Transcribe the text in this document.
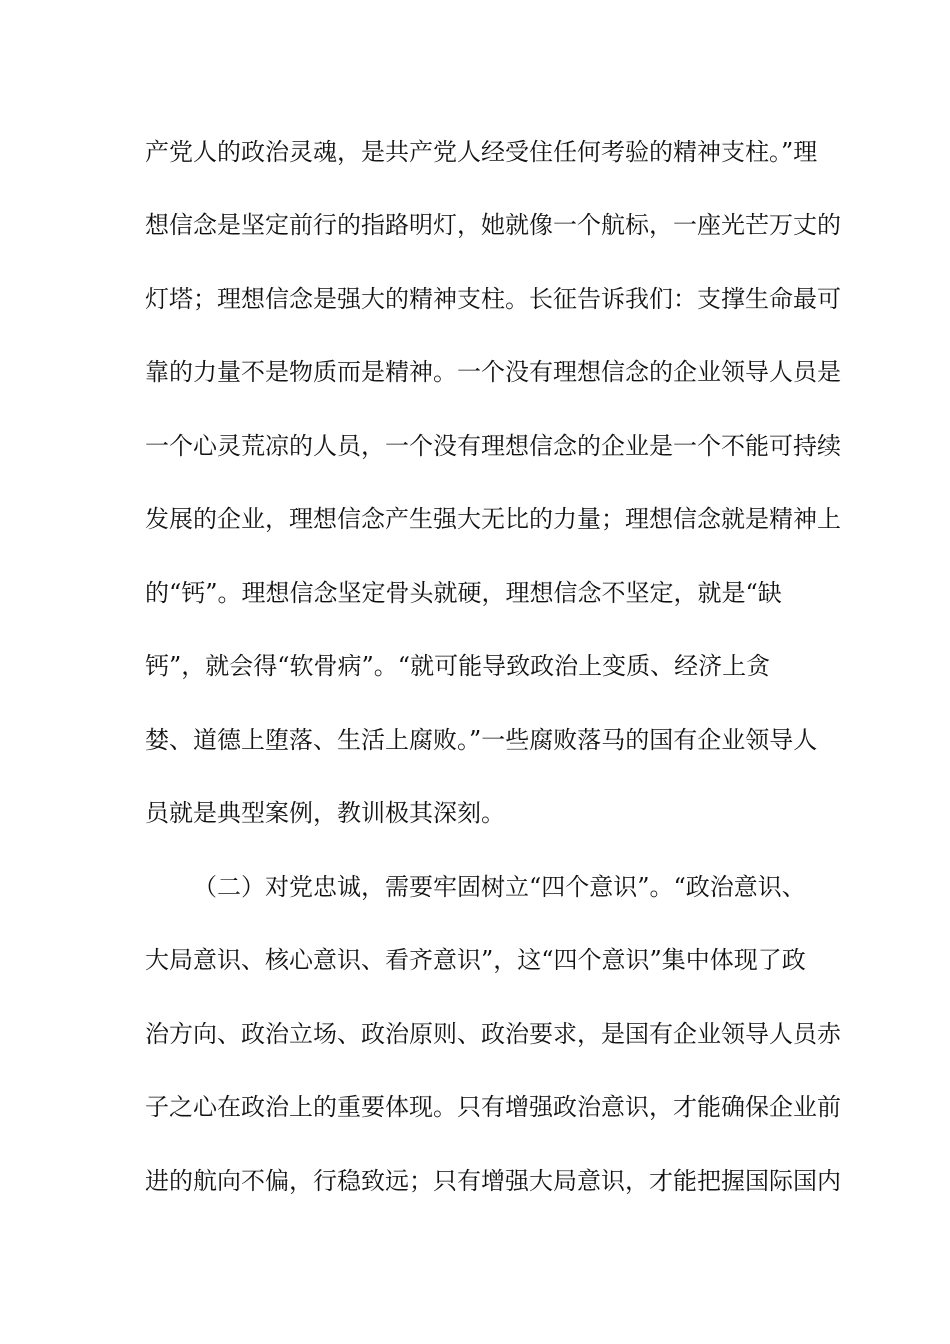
产党人的政治灵魂，是共产党人经受住任何考验的精神支柱。”理
想信念是坚定前行的指路明灯，她就像一个航标，一座光芒万丈的
灯塔；理想信念是强大的精神支柱。长征告诉我们：支撑生命最可
靠的力量不是物质而是精神。一个没有理想信念的企业领导人员是
一个心灵荒凉的人员，一个没有理想信念的企业是一个不能可持续
发展的企业，理想信念产生强大无比的力量；理想信念就是精神上
的“钙”。理想信念坚定骨头就硬，理想信念不坚定，就是“缺
钙”，就会得“软骨病”。“就可能导致政治上变质、经济上贪
婪、道德上堕落、生活上腐败。”一些腐败落马的国有企业领导人
员就是典型案例，教训极其深刻。
（二）对党忠诚，需要牢固树立“四个意识”。“政治意识、
大局意识、核心意识、看齐意识”，这“四个意识”集中体现了政
治方向、政治立场、政治原则、政治要求，是国有企业领导人员赤
子之心在政治上的重要体现。只有增强政治意识，才能确保企业前
进的航向不偏，行稳致远；只有增强大局意识，才能把握国际国内
